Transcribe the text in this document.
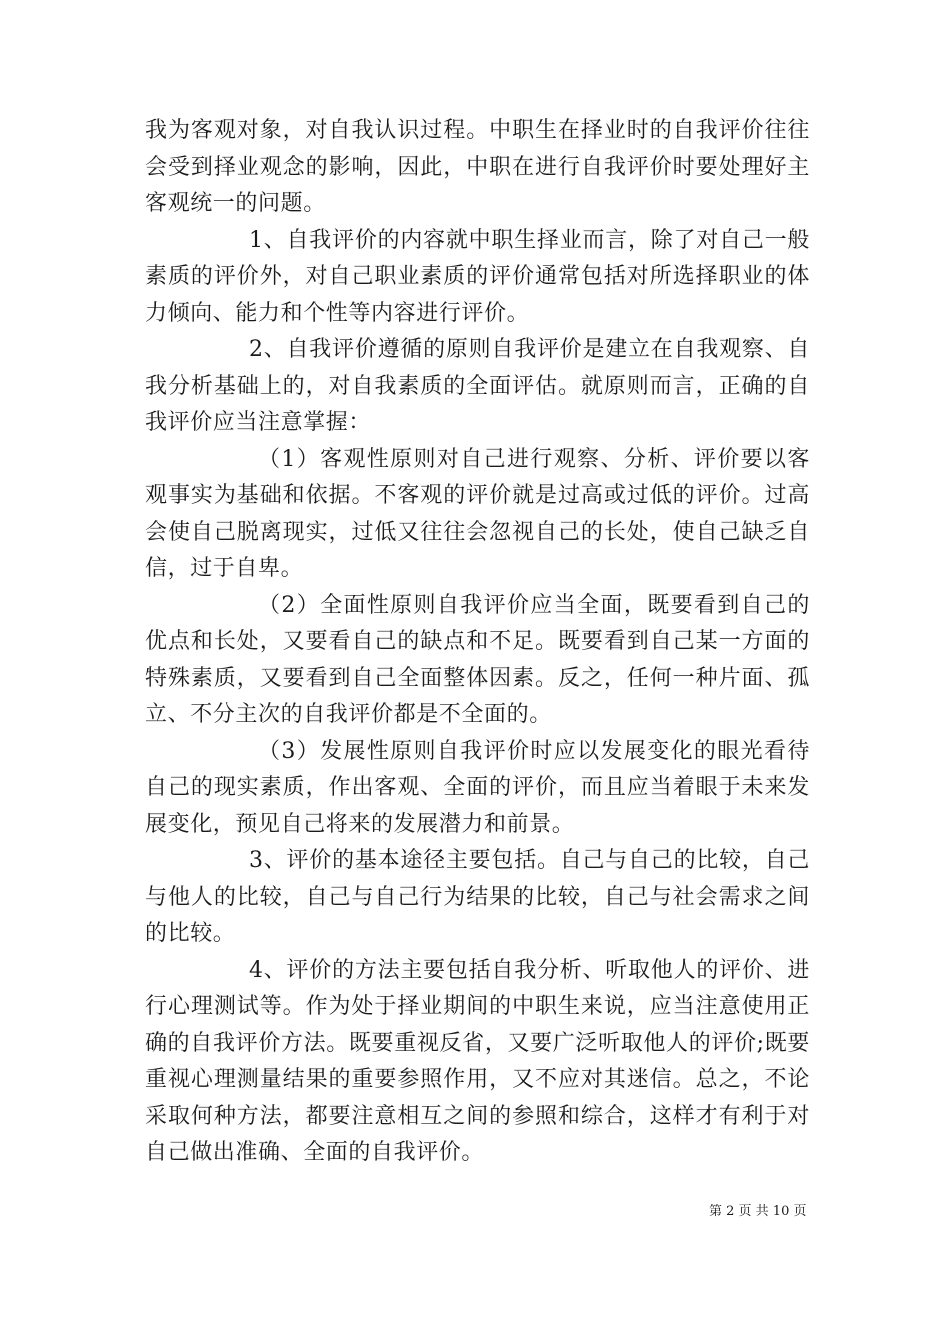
我为客观对象，对自我认识过程。中职生在择业时的自我评价往往会受到择业观念的影响，因此，中职在进行自我评价时要处理好主客观统一的问题。

1、自我评价的内容就中职生择业而言，除了对自己一般素质的评价外，对自己职业素质的评价通常包括对所选择职业的体力倾向、能力和个性等内容进行评价。

2、自我评价遵循的原则自我评价是建立在自我观察、自我分析基础上的，对自我素质的全面评估。就原则而言，正确的自我评价应当注意掌握：

（1）客观性原则对自己进行观察、分析、评价要以客观事实为基础和依据。不客观的评价就是过高或过低的评价。过高会使自己脱离现实，过低又往往会忽视自己的长处，使自己缺乏自信，过于自卑。

（2）全面性原则自我评价应当全面，既要看到自己的优点和长处，又要看自己的缺点和不足。既要看到自己某一方面的特殊素质，又要看到自己全面整体因素。反之，任何一种片面、孤立、不分主次的自我评价都是不全面的。

（3）发展性原则自我评价时应以发展变化的眼光看待自己的现实素质，作出客观、全面的评价，而且应当着眼于未来发展变化，预见自己将来的发展潜力和前景。

3、评价的基本途径主要包括。自己与自己的比较，自己与他人的比较，自己与自己行为结果的比较，自己与社会需求之间的比较。

4、评价的方法主要包括自我分析、听取他人的评价、进行心理测试等。作为处于择业期间的中职生来说，应当注意使用正确的自我评价方法。既要重视反省，又要广泛听取他人的评价;既要重视心理测量结果的重要参照作用，又不应对其迷信。总之，不论采取何种方法，都要注意相互之间的参照和综合，这样才有利于对自己做出准确、全面的自我评价。

第 2 页 共 10 页
